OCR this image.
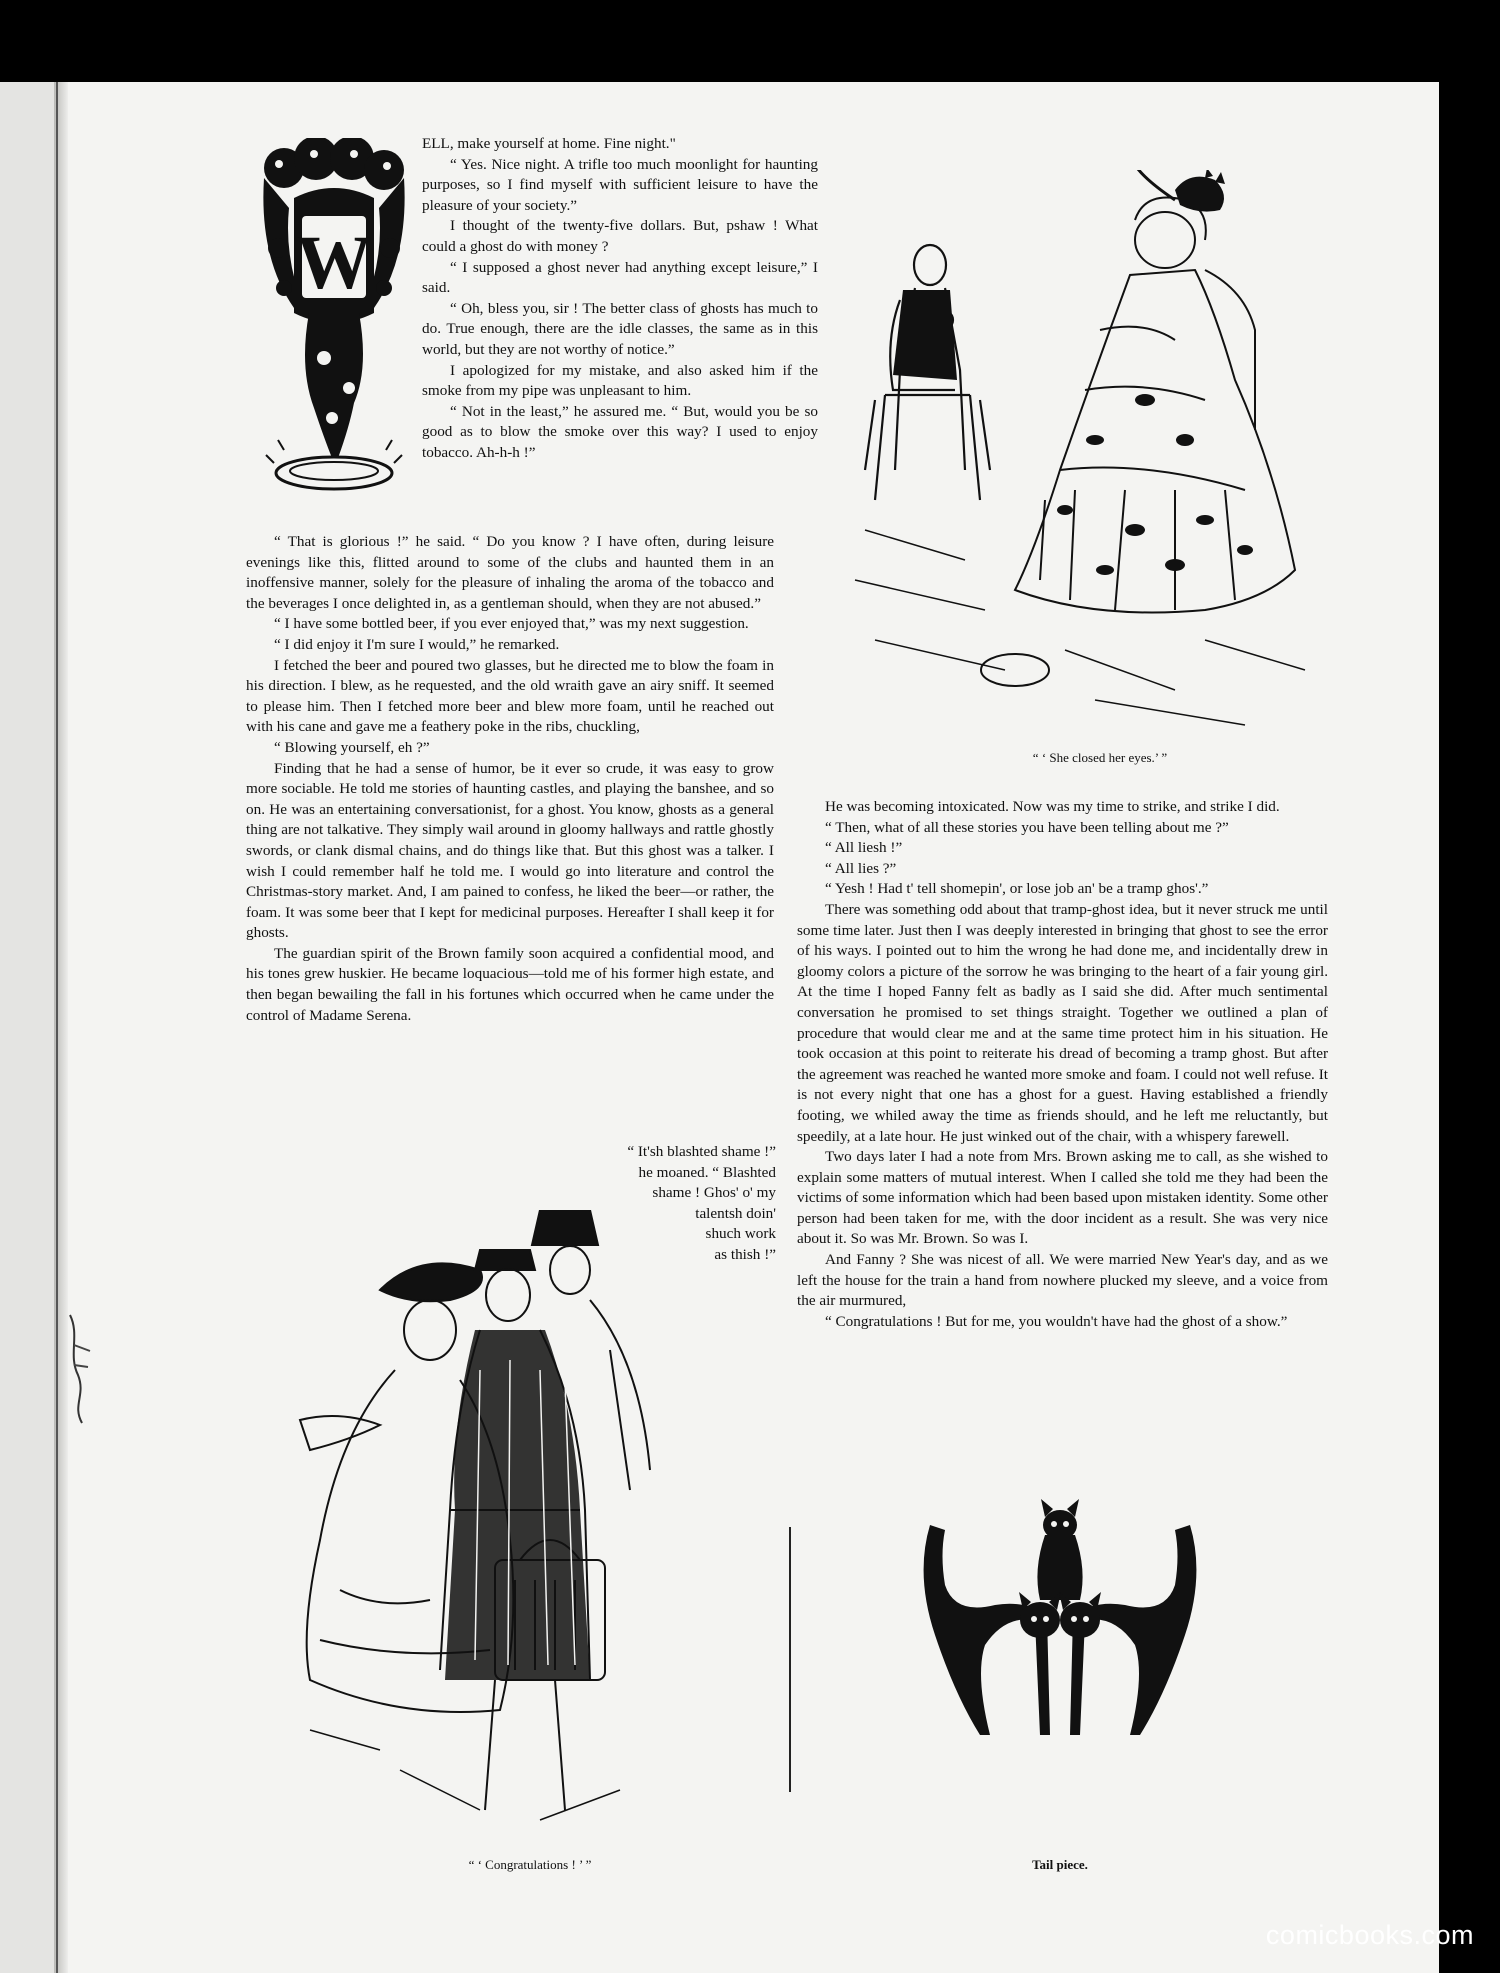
W

ELL, make yourself at home. Fine night."

“ Yes. Nice night. A trifle too much moonlight for haunting purposes, so I find myself with sufficient leisure to have the pleasure of your society.”

I thought of the twenty-five dollars. But, pshaw ! What could a ghost do with money ?

“ I supposed a ghost never had anything except leisure,” I said.

“ Oh, bless you, sir ! The better class of ghosts has much to do. True enough, there are the idle classes, the same as in this world, but they are not worthy of notice.”

I apologized for my mistake, and also asked him if the smoke from my pipe was unpleasant to him.

“ Not in the least,” he assured me. “ But, would you be so good as to blow the smoke over this way? I used to enjoy tobacco. Ah-h-h !”

“ That is glorious !” he said. “ Do you know ? I have often, during leisure evenings like this, flitted around to some of the clubs and haunted them in an inoffensive manner, solely for the pleasure of inhaling the aroma of the tobacco and the beverages I once delighted in, as a gentleman should, when they are not abused.”

“ I have some bottled beer, if you ever enjoyed that,” was my next suggestion.

“ I did enjoy it I'm sure I would,” he remarked.

I fetched the beer and poured two glasses, but he directed me to blow the foam in his direction. I blew, as he requested, and the old wraith gave an airy sniff. It seemed to please him. Then I fetched more beer and blew more foam, until he reached out with his cane and gave me a feathery poke in the ribs, chuckling,

“ Blowing yourself, eh ?”

Finding that he had a sense of humor, be it ever so crude, it was easy to grow more sociable. He told me stories of haunting castles, and playing the banshee, and so on. He was an entertaining conversationist, for a ghost. You know, ghosts as a general thing are not talkative. They simply wail around in gloomy hallways and rattle ghostly swords, or clank dismal chains, and do things like that. But this ghost was a talker. I wish I could remember half he told me. I would go into literature and control the Christmas-story market. And, I am pained to confess, he liked the beer—or rather, the foam. It was some beer that I kept for medicinal purposes. Hereafter I shall keep it for ghosts.

The guardian spirit of the Brown family soon acquired a confidential mood, and his tones grew huskier. He became loquacious—told me of his former high estate, and then began bewailing the fall in his fortunes which occurred when he came under the control of Madame Serena.

“ It'sh blashted shame !”

he moaned. “ Blashted

shame ! Ghos' o' my

talentsh doin'

shuch work

as thish !”

“ ‘ She closed her eyes.’ ”

He was becoming intoxicated. Now was my time to strike, and strike I did.

“ Then, what of all these stories you have been telling about me ?”

“ All liesh !”

“ All lies ?”

“ Yesh ! Had t' tell shomepin', or lose job an' be a tramp ghos'.”

There was something odd about that tramp-ghost idea, but it never struck me until some time later. Just then I was deeply interested in bringing that ghost to see the error of his ways. I pointed out to him the wrong he had done me, and incidentally drew in gloomy colors a picture of the sorrow he was bringing to the heart of a fair young girl. At the time I hoped Fanny felt as badly as I said she did. After much sentimental conversation he promised to set things straight. Together we outlined a plan of procedure that would clear me and at the same time protect him in his situation. He took occasion at this point to reiterate his dread of becoming a tramp ghost. But after the agreement was reached he wanted more smoke and foam. I could not well refuse. It is not every night that one has a ghost for a guest. Having established a friendly footing, we whiled away the time as friends should, and he left me reluctantly, but speedily, at a late hour. He just winked out of the chair, with a whispery farewell.

Two days later I had a note from Mrs. Brown asking me to call, as she wished to explain some matters of mutual interest. When I called she told me they had been the victims of some information which had been based upon mistaken identity. Some other person had been taken for me, with the door incident as a result. She was very nice about it. So was Mr. Brown. So was I.

And Fanny ? She was nicest of all. We were married New Year's day, and as we left the house for the train a hand from nowhere plucked my sleeve, and a voice from the air murmured,

“ Congratulations ! But for me, you wouldn't have had the ghost of a show.”

“ ‘ Congratulations ! ’ ”	Tail piece.
comicbooks.com
